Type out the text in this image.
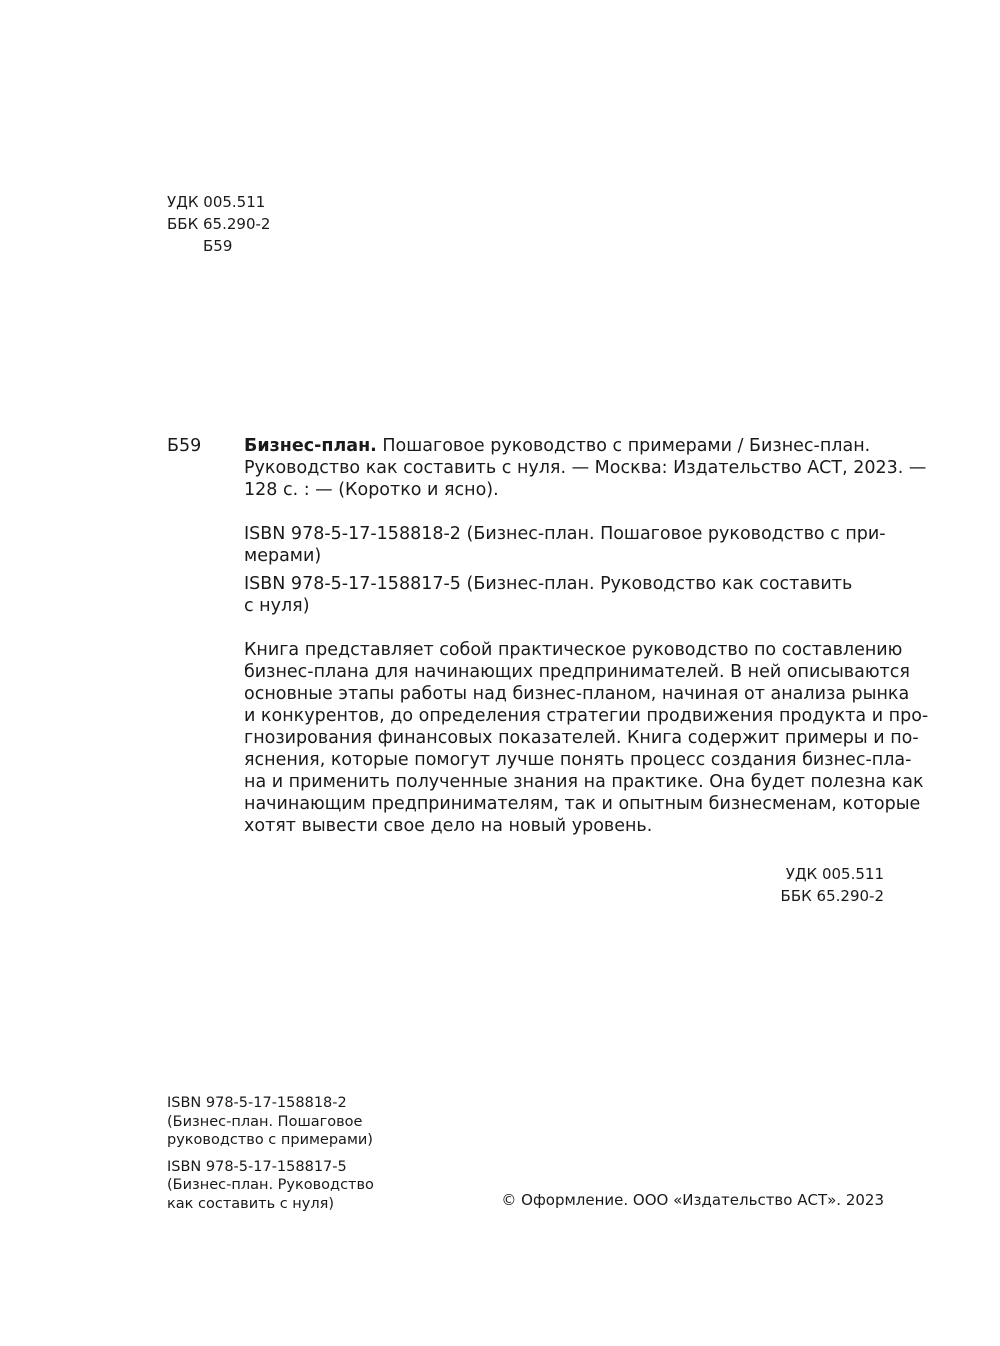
УДК 005.511
ББК 65.290-2
Б59
Б59 Бизнес-план. Пошаговое руководство с примерами / Бизнес-план.
Руководство как составить с нуля. — Москва: Издательство АСТ, 2023. —
128 с. : — (Коротко и ясно).

ISBN 978-5-17-158818-2 (Бизнес-план. Пошаговое руководство с при-
мерами)

ISBN 978-5-17-158817-5 (Бизнес-план. Руководство как составить
с нуля)

Книга представляет собой практическое руководство по составлению
бизнес-плана для начинающих предпринимателей. В ней описываются
основные этапы работы над бизнес-планом, начиная от анализа рынка
и конкурентов, до определения стратегии продвижения продукта и про-
гнозирования финансовых показателей. Книга содержит примеры и по-
яснения, которые помогут лучше понять процесс создания бизнес-пла-
на и применить полученные знания на практике. Она будет полезна как
начинающим предпринимателям, так и опытным бизнесменам, которые
хотят вывести свое дело на новый уровень.

УДК 005.511
ББК 65.290-2
ISBN 978-5-17-158818-2
(Бизнес-план. Пошаговое
руководство с примерами)
ISBN 978-5-17-158817-5
(Бизнес-план. Руководство
как составить с нуля)	© Оформление. ООО «Издательство АСТ». 2023
